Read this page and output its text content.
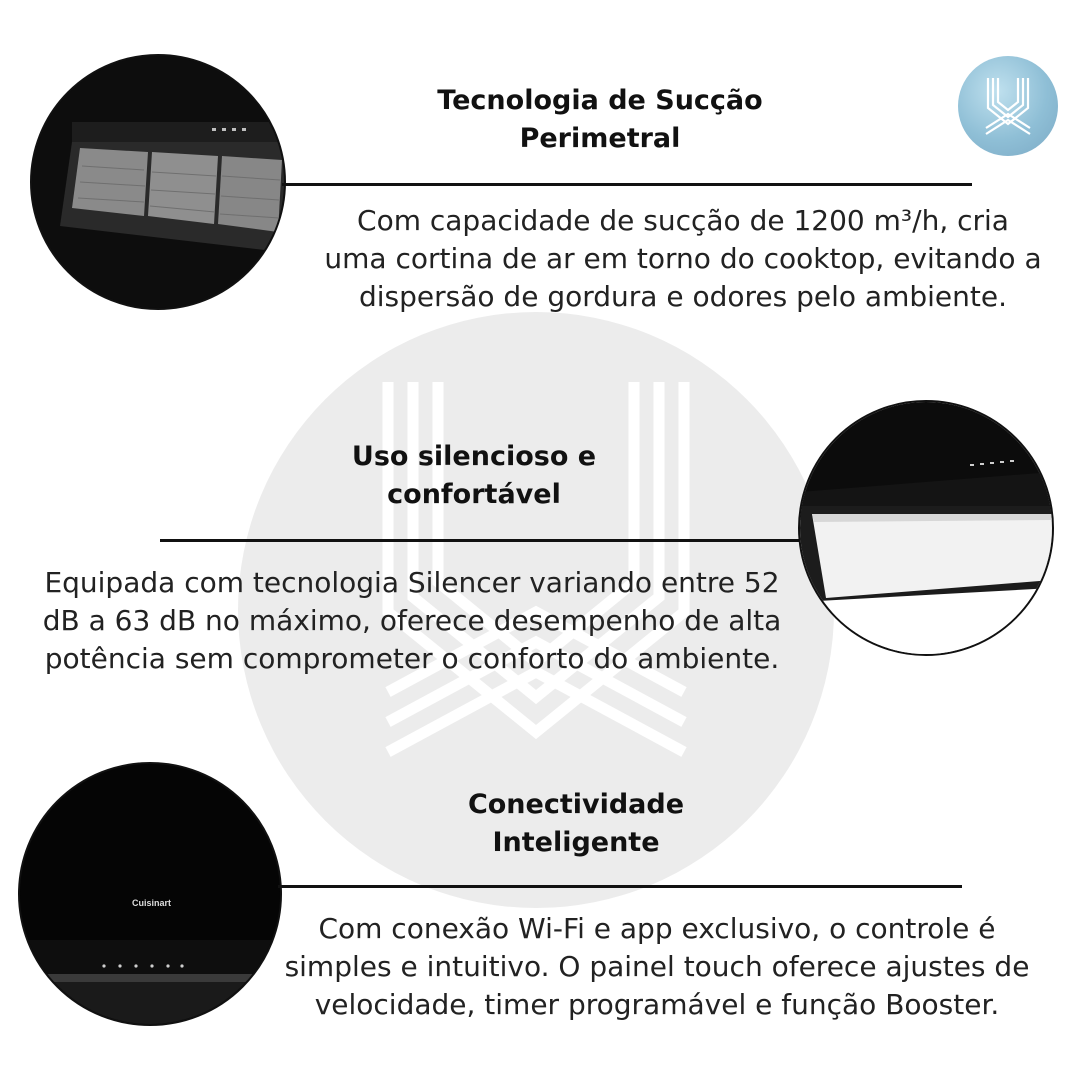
Tecnologia de Sucção
Perimetral
Com capacidade de sucção de 1200 m³/h, cria
uma cortina de ar em torno do cooktop, evitando a
dispersão de gordura e odores pelo ambiente.
Uso silencioso e
confortável
Equipada com tecnologia Silencer variando entre 52
dB a 63 dB no máximo, oferece desempenho de alta
potência sem comprometer o conforto do ambiente.
Cuisinart
Conectividade
Inteligente
Com conexão Wi-Fi e app exclusivo, o controle é
simples e intuitivo. O painel touch oferece ajustes de
velocidade, timer programável e função Booster.
